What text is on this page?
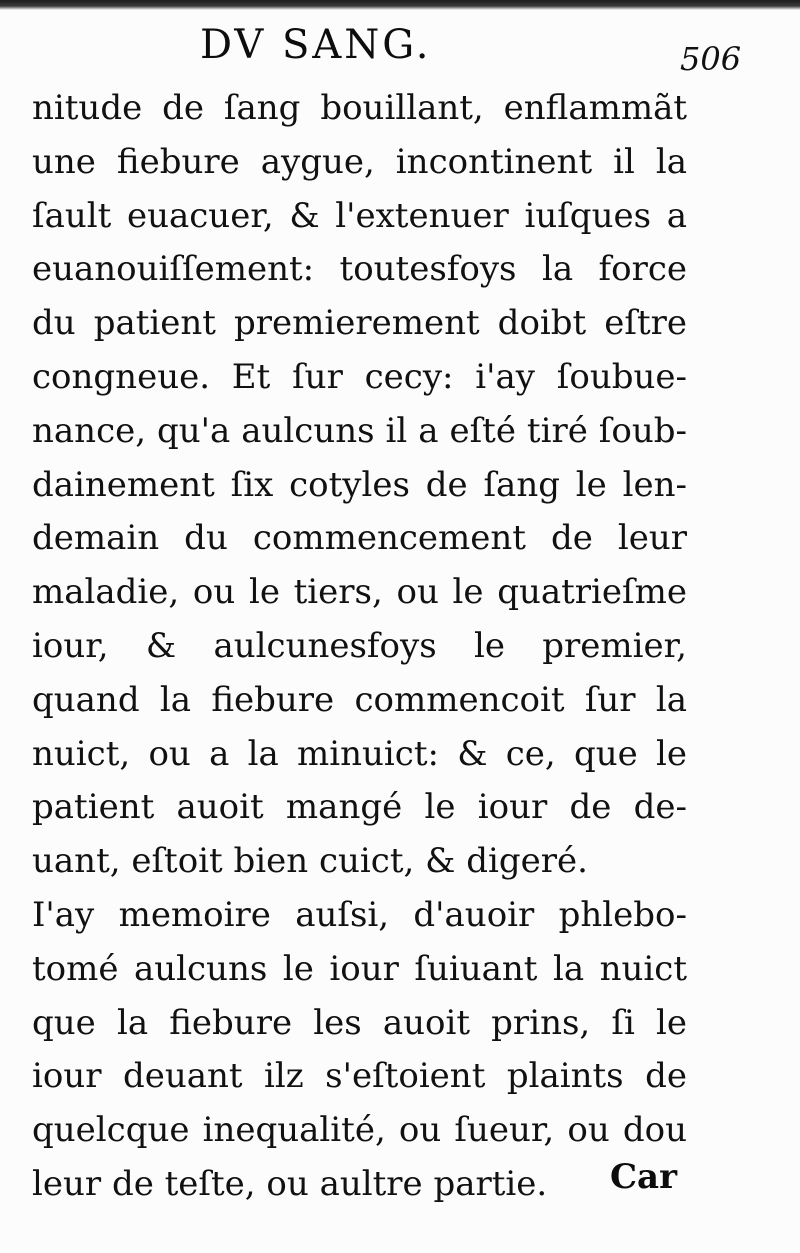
DV SANG.	506
nitude de ſang bouillant, enflammãt
une fiebure aygue, incontinent il la
ſault euacuer, & l'extenuer iuſques a
euanouiſſement: toutesfoys la force
du patient premierement doibt eſtre
congneue. Et ſur cecy: i'ay ſoubue-
nance, qu'a aulcuns il a eſté tiré ſoub-
dainement ſix cotyles de ſang le len-
demain du commencement de leur
maladie, ou le tiers, ou le quatrieſme
iour, & aulcunesfoys le premier,
quand la fiebure commencoit ſur la
nuict, ou a la minuict: & ce, que le
patient auoit mangé le iour de de-
uant, eſtoit bien cuict, & digeré.
I'ay memoire auſsi, d'auoir phlebo-
tomé aulcuns le iour ſuiuant la nuict
que la fiebure les auoit prins, ſi le
iour deuant ilz s'eſtoient plaints de
quelcque inequalité, ou ſueur, ou dou
leur de teſte, ou aultre partie.	Car
